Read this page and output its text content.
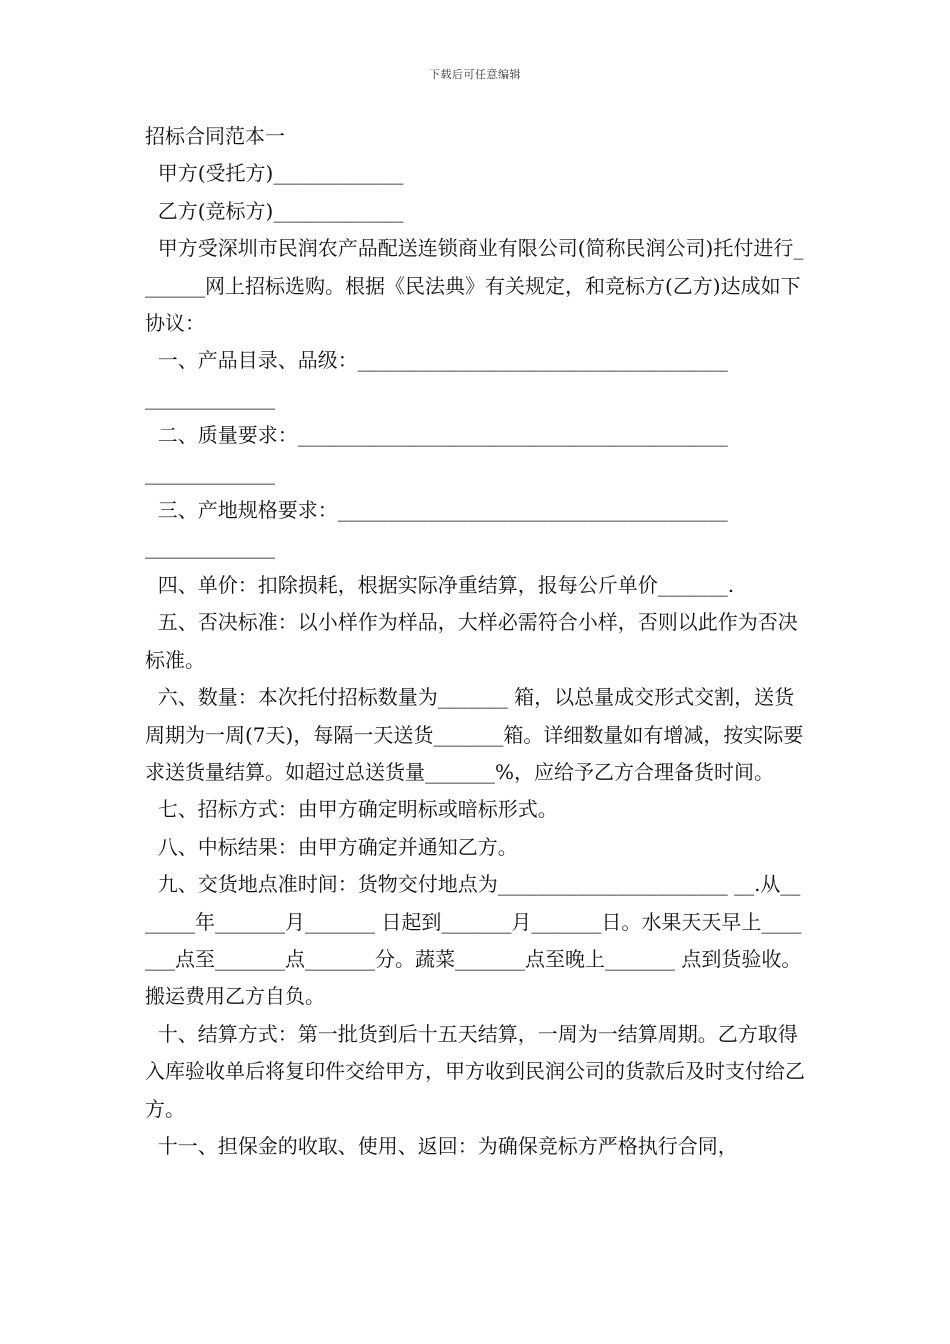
下载后可任意编辑

招标合同范本一

甲方(受托方)_____________

乙方(竞标方)_____________

甲方受深圳市民润农产品配送连锁商业有限公司(简称民润公司)托付进行_______网上招标选购。根据《民法典》有关规定，和竞标方(乙方)达成如下协议：

一、产品目录、品级：_____________________________________

_____________

二、质量要求：___________________________________________

_____________

三、产地规格要求：_______________________________________

_____________

四、单价：扣除损耗，根据实际净重结算，报每公斤单价_______.

五、否决标准：以小样作为样品，大样必需符合小样，否则以此作为否决标准。

六、数量：本次托付招标数量为_______ 箱，以总量成交形式交割，送货周期为一周(7天)，每隔一天送货_______箱。详细数量如有增减，按实际要求送货量结算。如超过总送货量_______%，应给予乙方合理备货时间。

七、招标方式：由甲方确定明标或暗标形式。

八、中标结果：由甲方确定并通知乙方。

九、交货地点准时间：货物交付地点为_______________________ __.从_______年_______月_______ 日起到_______月_______日。水果天天早上_______点至_______点_______分。蔬菜_______点至晚上_______ 点到货验收。搬运费用乙方自负。

十、结算方式：第一批货到后十五天结算，一周为一结算周期。乙方取得入库验收单后将复印件交给甲方，甲方收到民润公司的货款后及时支付给乙方。

十一、担保金的收取、使用、返回：为确保竞标方严格执行合同，
